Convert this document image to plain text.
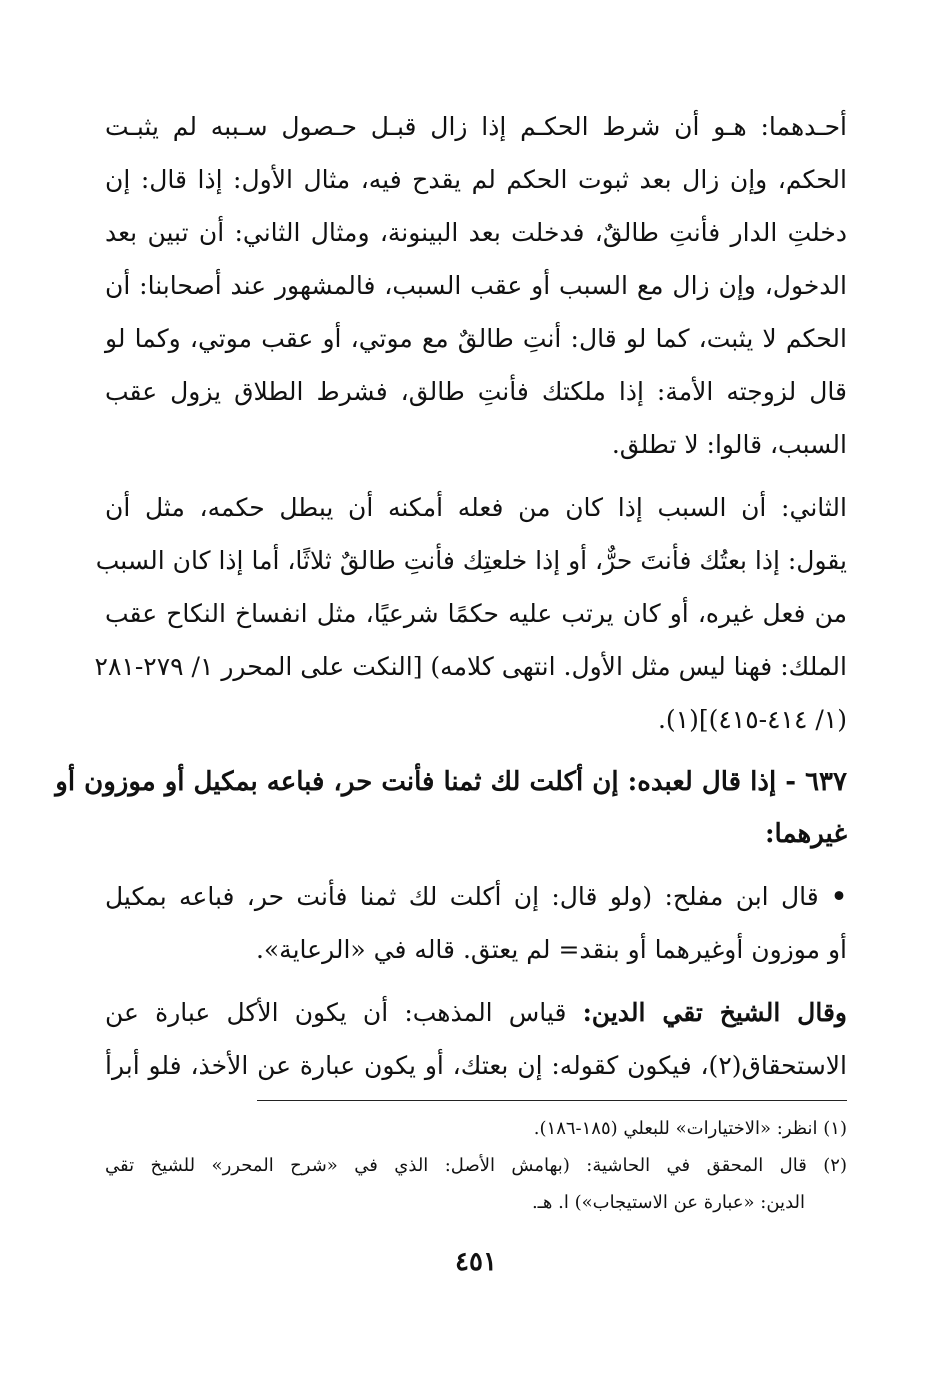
أحـدهما: هـو أن شرط الحكـم إذا زال قبـل حـصول سـببه لم يثبـت
الحكم، وإن زال بعد ثبوت الحكم لم يقدح فيه، مثال الأول: إذا قال: إن
دخلتِ الدار فأنتِ طالقٌ، فدخلت بعد البينونة، ومثال الثاني: أن تبين بعد
الدخول، وإن زال مع السبب أو عقب السبب، فالمشهور عند أصحابنا: أن
الحكم لا يثبت، كما لو قال: أنتِ طالقٌ مع موتي، أو عقب موتي، وكما لو
قال لزوجته الأمة: إذا ملكتك فأنتِ طالق، فشرط الطلاق يزول عقب
السبب، قالوا: لا تطلق.
الثاني: أن السبب إذا كان من فعله أمكنه أن يبطل حكمه، مثل أن
يقول: إذا بعتُك فأنتَ حرٌّ، أو إذا خلعتِك فأنتِ طالقٌ ثلاثًا، أما إذا كان السبب
من فعل غيره، أو كان يرتب عليه حكمًا شرعيًا، مثل انفساخ النكاح عقب
الملك: فهنا ليس مثل الأول. انتهى كلامه) [النكت على المحرر ١/ ٢٧٩-٢٨١
(١/ ٤١٤-٤١٥)](١).
٦٣٧ - إذا قال لعبده: إن أكلت لك ثمنا فأنت حر، فباعه بمكيل أو موزون أو
غيرهما:
• قال ابن مفلح: (ولو قال: إن أكلت لك ثمنا فأنت حر، فباعه بمكيل
أو موزون أوغيرهما أو بنقد= لم يعتق. قاله في «الرعاية».
وقال الشيخ تقي الدين: قياس المذهب: أن يكون الأكل عبارة عن
الاستحقاق(٢)، فيكون كقوله: إن بعتك، أو يكون عبارة عن الأخذ، فلو أبرأ
(١) انظر: «الاختيارات» للبعلي (١٨٥-١٨٦).
(٢) قال المحقق في الحاشية: (بهامش الأصل: الذي في «شرح المحرر» للشيخ تقي
الدين: «عبارة عن الاستيجاب») ا. هـ.
٤٥١
